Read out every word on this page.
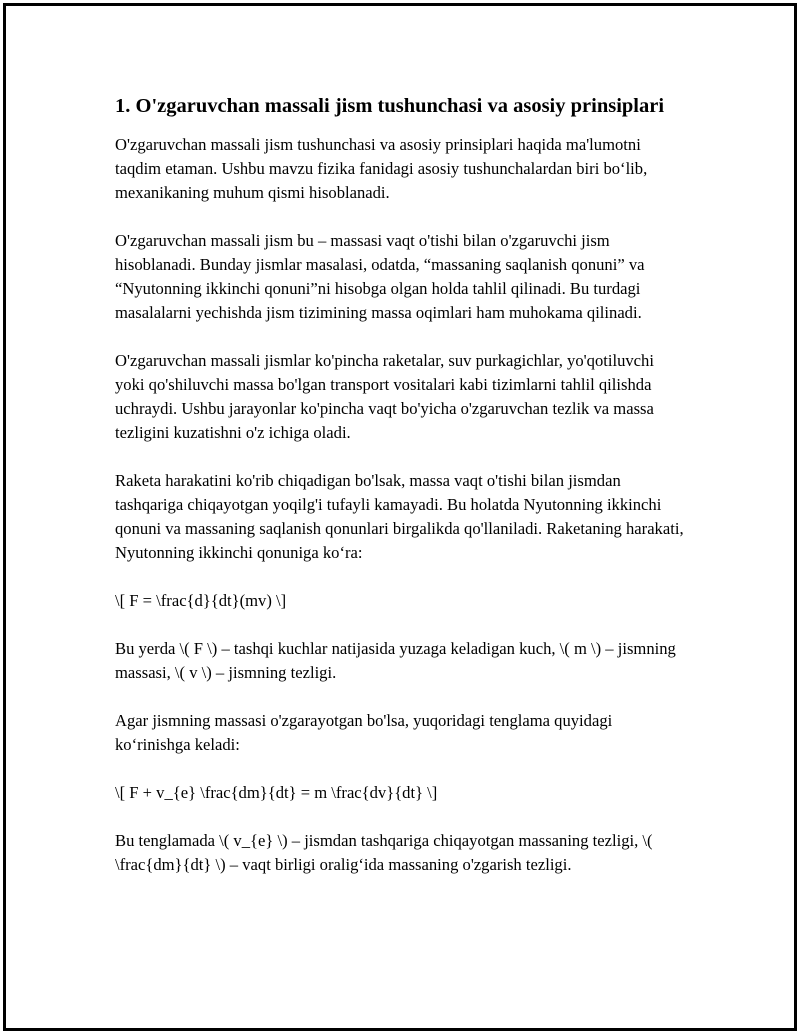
1. O'zgaruvchan massali jism tushunchasi va asosiy prinsiplari

O'zgaruvchan massali jism tushunchasi va asosiy prinsiplari haqida ma'lumotni taqdim etaman. Ushbu mavzu fizika fanidagi asosiy tushunchalardan biri bo‘lib, mexanikaning muhum qismi hisoblanadi.

O'zgaruvchan massali jism bu – massasi vaqt o'tishi bilan o'zgaruvchi jism hisoblanadi. Bunday jismlar masalasi, odatda, “massaning saqlanish qonuni” va “Nyutonning ikkinchi qonuni”ni hisobga olgan holda tahlil qilinadi. Bu turdagi masalalarni yechishda jism tizimining massa oqimlari ham muhokama qilinadi.

O'zgaruvchan massali jismlar ko'pincha raketalar, suv purkagichlar, yo'qotiluvchi yoki qo'shiluvchi massa bo'lgan transport vositalari kabi tizimlarni tahlil qilishda uchraydi. Ushbu jarayonlar ko'pincha vaqt bo'yicha o'zgaruvchan tezlik va massa tezligini kuzatishni o'z ichiga oladi.

Raketa harakatini ko'rib chiqadigan bo'lsak, massa vaqt o'tishi bilan jismdan tashqariga chiqayotgan yoqilg'i tufayli kamayadi. Bu holatda Nyutonning ikkinchi qonuni va massaning saqlanish qonunlari birgalikda qo'llaniladi. Raketaning harakati, Nyutonning ikkinchi qonuniga ko‘ra:

\[ F = \frac{d}{dt}(mv) \]

Bu yerda \( F \) – tashqi kuchlar natijasida yuzaga keladigan kuch, \( m \) – jismning massasi, \( v \) – jismning tezligi.

Agar jismning massasi o'zgarayotgan bo'lsa, yuqoridagi tenglama quyidagi ko‘rinishga keladi:

\[ F + v_{e} \frac{dm}{dt} = m \frac{dv}{dt} \]

Bu tenglamada \( v_{e} \) – jismdan tashqariga chiqayotgan massaning tezligi, \( \frac{dm}{dt} \) – vaqt birligi oralig‘ida massaning o'zgarish tezligi.
